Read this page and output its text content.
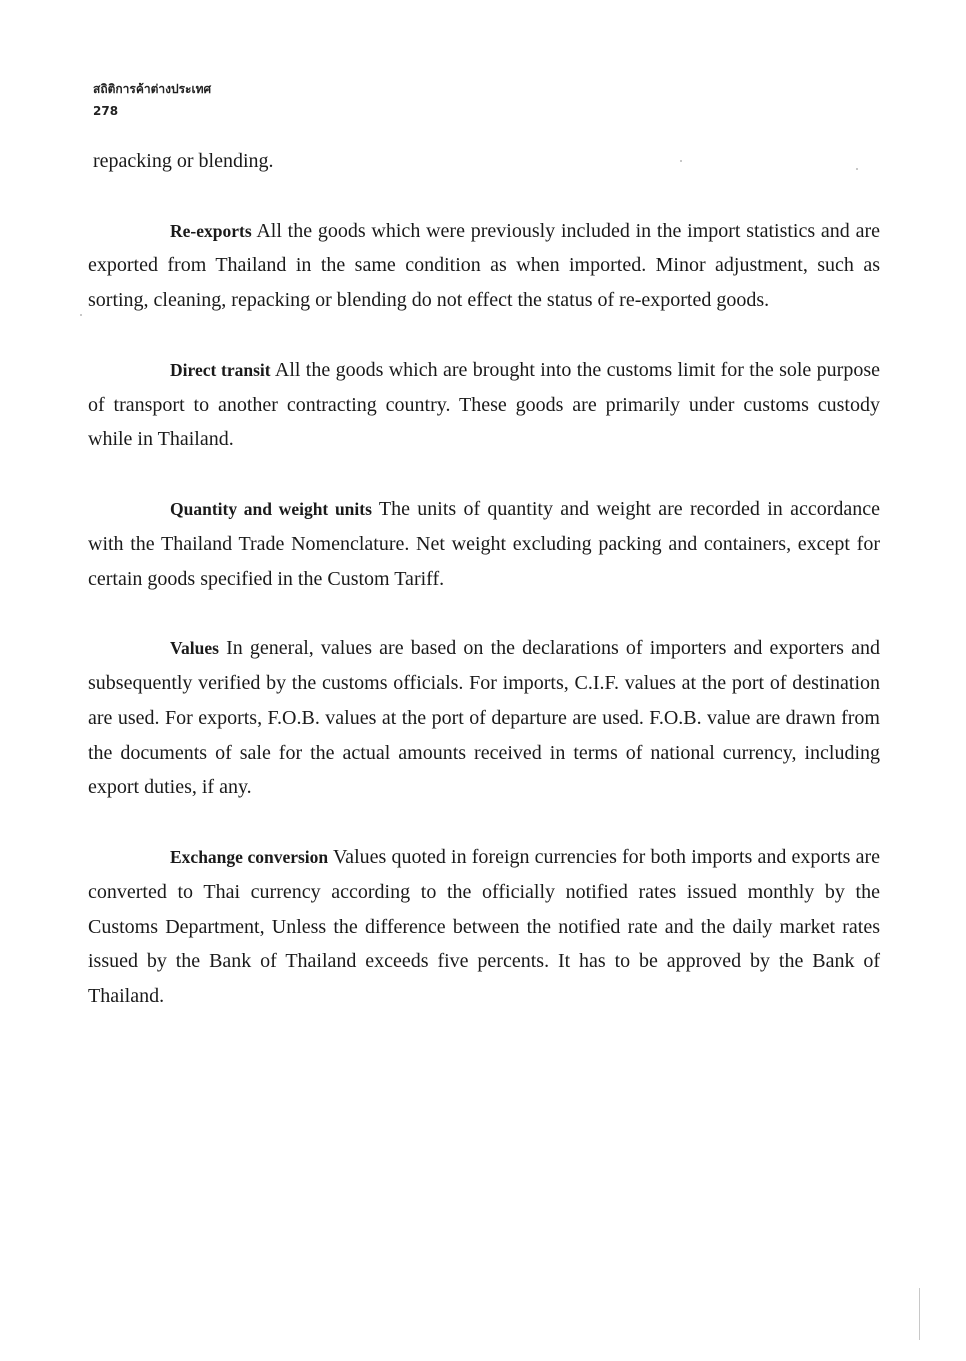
สถิติการค้าต่างประเทศ
278

repacking or blending.

Re-exports All the goods which were previously included in the import statistics and are exported from Thailand in the same condition as when imported. Minor adjustment, such as sorting, cleaning, repacking or blending do not effect the status of re-exported goods.

Direct transit All the goods which are brought into the customs limit for the sole purpose of transport to another contracting country. These goods are primarily under customs custody while in Thailand.

Quantity and weight units The units of quantity and weight are recorded in accordance with the Thailand Trade Nomenclature. Net weight excluding packing and containers, except for certain goods specified in the Custom Tariff.

Values In general, values are based on the declarations of importers and exporters and subsequently verified by the customs officials. For imports, C.I.F. values at the port of destination are used. For exports, F.O.B. values at the port of departure are used. F.O.B. value are drawn from the documents of sale for the actual amounts received in terms of national currency, including export duties, if any.

Exchange conversion Values quoted in foreign currencies for both imports and exports are converted to Thai currency according to the officially notified rates issued monthly by the Customs Department, Unless the difference between the notified rate and the daily market rates issued by the Bank of Thailand exceeds five percents. It has to be approved by the Bank of Thailand.
